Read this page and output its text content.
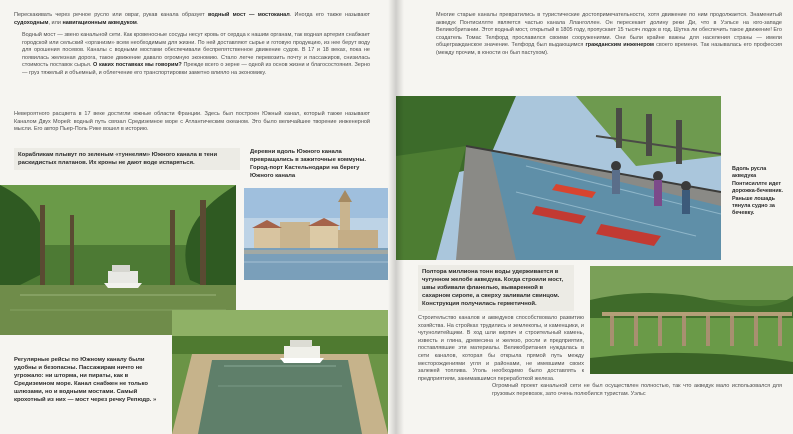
Перескакивать через речное русло или овраг, рукав канала образует водный мост — мостоканал. Иногда его также называют судоходным, или навигационным акведуком.

Водный мост — звено канальной сети. Как кровеносные сосуды несут кровь от сердца к нашим органам, так водная артерия снабжает городской или сельский «организм» всем необходимым для жизни. По ней доставляют сырье и готовую продукцию, из нее берут воду для орошения посевов. Каналы с водными мостами обеспечивали беспрепятственное движение судов. В 17 и 18 веках, пока не появилась железная дорога, такое движение давало огромную экономию. Стало легче перевозить почту и пассажиров, снизилась стоимость поставок сырья. О каких поставках мы говорим? Прежде всего о зерне — одной из основ жизни и благосостояния. Зерно — груз тяжелый и объемный, и облегчение его транспортировки заметно влияло на экономику.

Невероятного расцвета в 17 веке достигли южные области Франции. Здесь был построен Южный канал, который также называют Каналом Двух Морей: водный путь связал Средиземное море с Атлантическим океаном. Это было величайшее творение инженерной мысли. Его автор Пьер-Поль Рике вошел в историю.

Корабликам плывут по зеленым «туннелям» Южного канала в тени раскидистых платанов. Их кроны не дают воде испаряться.

Деревни вдоль Южного канала превращались в зажиточные коммуны. Город-порт Кастельнодари на берегу Южного канала

Регулярные рейсы по Южному каналу были удобны и безопасны. Пассажирам ничто не угрожало: ни шторма, ни пираты, как в Средиземном море. Канал снабжен не только шлюзами, но и водными мостами. Самый крохотный из них — мост через речку Репюдр. »

Многие старые каналы превратились в туристические достопримечательности, хотя движение по ним продолжается. Знаменитый акведук Понтисиллте является частью канала Лланголлен. Он пересекает долину реки Ди, что в Уэльсе на юго-западе Великобритании. Этот водный мост, открытый в 1805 году, пропускает 15 тысяч лодок в год. Шутка ли обеспечить такое движение! Его создатель Томас Телфорд прославился своими сооружениями. Они были крайне важны для населения страны — имели общегражданское значение. Телфорд был выдающимся гражданским инженером своего времени. Так называлась его профессия (между прочим, в юности он был пастухом).

Вдоль русла акведука Понтисиллте идет дорожка-бечевник. Раньше лошадь тянула судно за бечевку.

Полтора миллиона тонн воды удерживается в чугунном желобе акведука. Когда строили мост, швы избивали фланелью, вываренной в сахарном сиропе, а сверху заливали свинцом. Конструкция получилась герметичной.

Строительство каналов и акведуков способствовало развитию хозяйства. На стройках трудились и землекопы, и каменщики, и чугунолитейщики. В ход шли кирпич и строительный камень, известь и глина, древесина и железо, росли и предприятия, поставлявшие эти материалы. Великобритания нуждалась в сети каналов, которая бы открыла прямой путь между месторождениями угля и районами, не имевшими своих залежей топлива. Уголь необходимо было доставлять к предприятиям, занимавшимся переработкой железа.

Огромный проект канальной сети не был осуществлен полностью, так что акведук мало использовался для грузовых перевозок, зато очень полюбился туристам. Уэльс
